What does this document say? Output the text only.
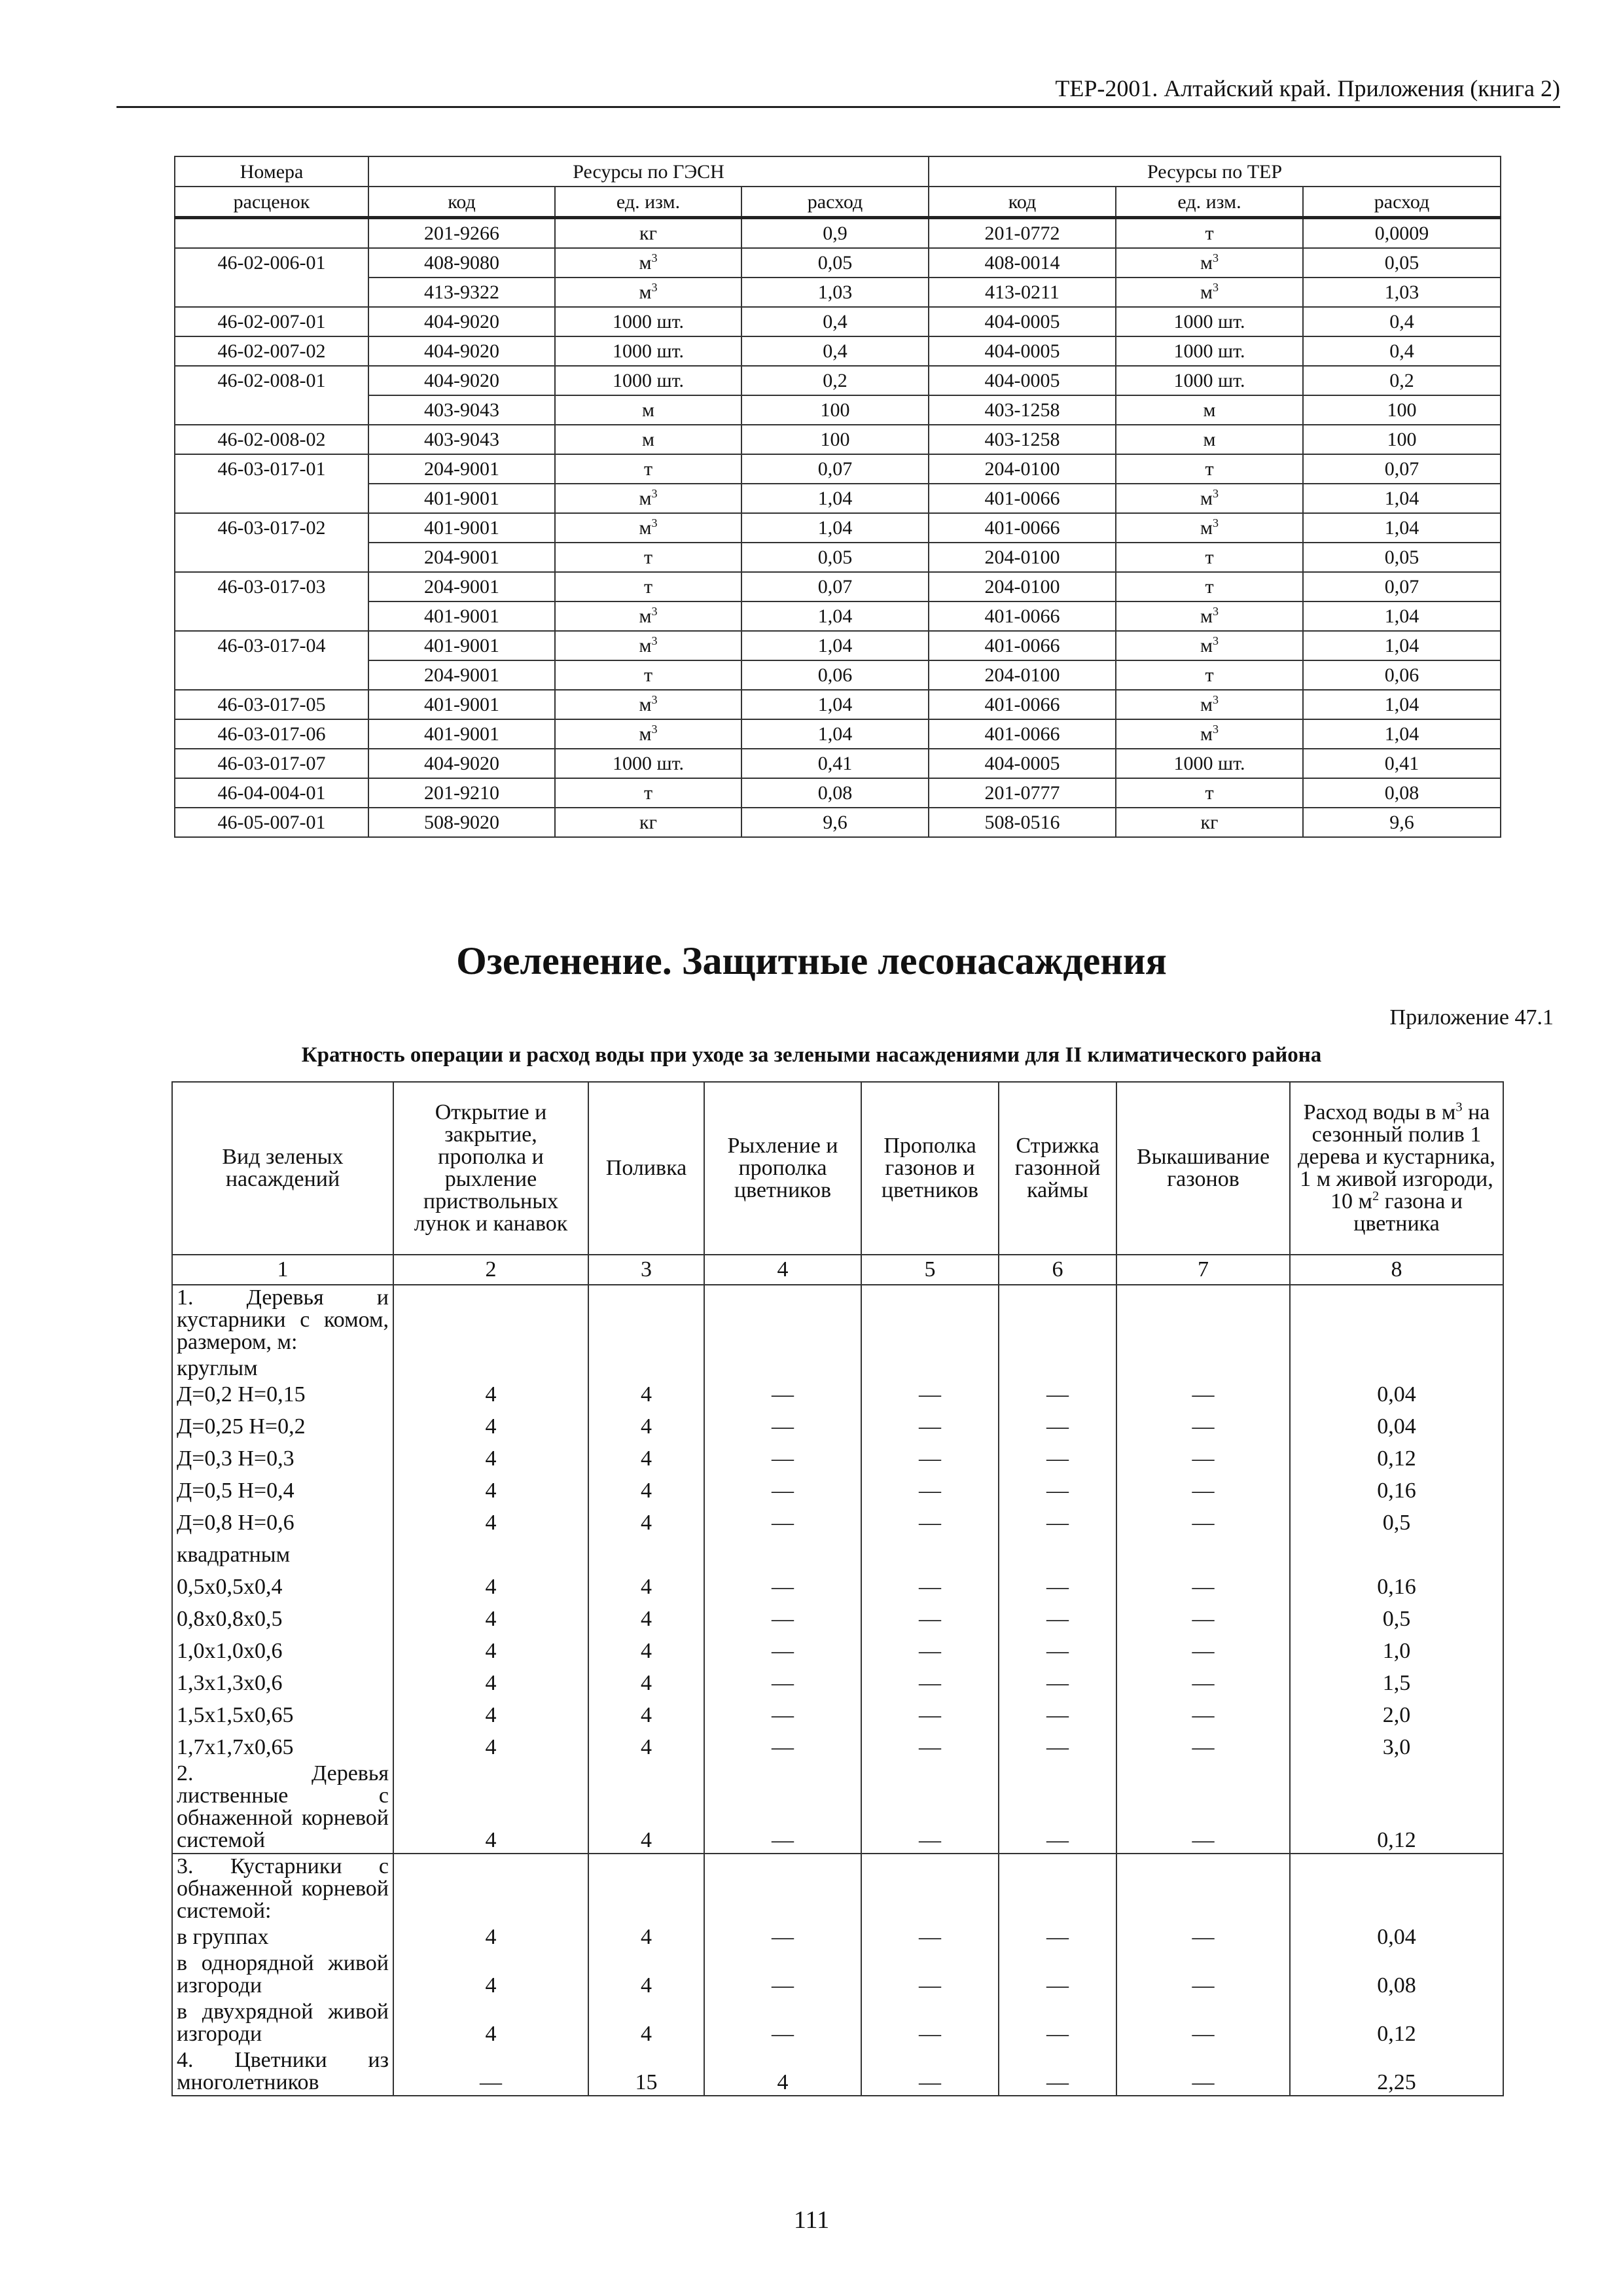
ТЕР-2001. Алтайский край. Приложения (книга 2)
Номера	Ресурсы по ГЭСН			Ресурсы по ТЕР		
расценок	код	ед. изм.	расход	код	ед. изм.	расход
	201-9266	кг	0,9	201-0772	т	0,0009
46-02-006-01	408-9080	$м^3$	0,05	408-0014	$м^3$	0,05
	413-9322	$м^3$	1,03	413-0211	$м^3$	1,03
46-02-007-01	404-9020	1000 шт.	0,4	404-0005	1000 шт.	0,4
46-02-007-02	404-9020	1000 шт.	0,4	404-0005	1000 шт.	0,4
46-02-008-01	404-9020	1000 шт.	0,2	404-0005	1000 шт.	0,2
	403-9043	м	100	403-1258	м	100
46-02-008-02	403-9043	м	100	403-1258	м	100
46-03-017-01	204-9001	т	0,07	204-0100	т	0,07
	401-9001	$м^3$	1,04	401-0066	$м^3$	1,04
46-03-017-02	401-9001	$м^3$	1,04	401-0066	$м^3$	1,04
	204-9001	т	0,05	204-0100	т	0,05
46-03-017-03	204-9001	т	0,07	204-0100	т	0,07
	401-9001	$м^3$	1,04	401-0066	$м^3$	1,04
46-03-017-04	401-9001	$м^3$	1,04	401-0066	$м^3$	1,04
	204-9001	т	0,06	204-0100	т	0,06
46-03-017-05	401-9001	$м^3$	1,04	401-0066	$м^3$	1,04
46-03-017-06	401-9001	$м^3$	1,04	401-0066	$м^3$	1,04
46-03-017-07	404-9020	1000 шт.	0,41	404-0005	1000 шт.	0,41
46-04-004-01	201-9210	т	0,08	201-0777	т	0,08
46-05-007-01	508-9020	кг	9,6	508-0516	кг	9,6
Озеленение. Защитные лесонасаждения
Приложение 47.1
Кратность операции и расход воды при уходе за зелеными насаждениями для II климатического района
Вид зеленых насаждений	Открытие и закрытие, прополка и рыхление приствольных лунок и канавок	Поливка	Рыхление и прополка цветников	Прополка газонов и цветников	Стрижка газонной каймы	Выкашивание газонов	Расход воды в $м^3$ на сезонный полив 1 дерева и кустарника, 1 м живой изгороди, 10 $м^2$ газона и цветника
1	2	3	4	5	6	7	8

1. Деревья и кустарники с комом, размером, м:
круглым
Д=0,2 Н=0,15	4	4	—	—	—	—	0,04

Д=0,25 Н=0,2	4	4	—	—	—	—	0,04

Д=0,3 Н=0,3	4	4	—	—	—	—	0,12

Д=0,5 Н=0,4	4	4	—	—	—	—	0,16

Д=0,8 Н=0,6	4	4	—	—	—	—	0,5

квадратным							

0,5х0,5х0,4	4	4	—	—	—	—	0,16

0,8х0,8х0,5	4	4	—	—	—	—	0,5

1,0х1,0х0,6	4	4	—	—	—	—	1,0

1,3х1,3х0,6	4	4	—	—	—	—	1,5

1,5х1,5х0,65	4	4	—	—	—	—	2,0

1,7х1,7х0,65	4	4	—	—	—	—	3,0

2. Деревья лиственные с обнаженной корневой системой	4	4	—	—	—	—	0,12

3. Кустарники с обнаженной корневой системой:
в группах	4	4	—	—	—	—	0,04

в однорядной живой изгороди	4	4	—	—	—	—	0,08

в двухрядной живой изгороди	4	4	—	—	—	—	0,12

4. Цветники из многолетников	—	15	4	—	—	—	2,25
111
